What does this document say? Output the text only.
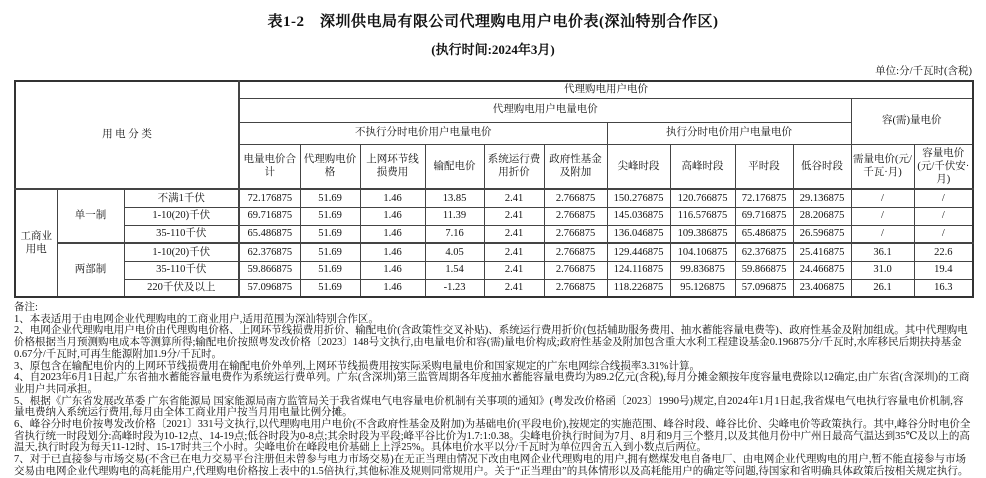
表1-2　深圳供电局有限公司代理购电用户电价表(深汕特别合作区)
(执行时间:2024年3月)
单位:分/千瓦时(含税)
用 电 分 类			代理购电用户电价											
			代理购电用户电量电价										容(需)量电价	
			不执行分时电价用户电量电价						执行分时电价用户电量电价					
			电量电价合计	代理购电价格	上网环节线损费用	输配电价	系统运行费用折价	政府性基金及附加	尖峰时段	高峰时段	平时段	低谷时段	需量电价(元/千瓦·月)	容量电价(元/千伏安·月)
工商业用电	单一制	不满1千伏	72.176875	51.69	1.46	13.85	2.41	2.766875	150.276875	120.766875	72.176875	29.136875	/	/
		1-10(20)千伏	69.716875	51.69	1.46	11.39	2.41	2.766875	145.036875	116.576875	69.716875	28.206875	/	/
		35-110千伏	65.486875	51.69	1.46	7.16	2.41	2.766875	136.046875	109.386875	65.486875	26.596875	/	/
	两部制	1-10(20)千伏	62.376875	51.69	1.46	4.05	2.41	2.766875	129.446875	104.106875	62.376875	25.416875	36.1	22.6
		35-110千伏	59.866875	51.69	1.46	1.54	2.41	2.766875	124.116875	99.836875	59.866875	24.466875	31.0	19.4
		220千伏及以上	57.096875	51.69	1.46	-1.23	2.41	2.766875	118.226875	95.126875	57.096875	23.406875	26.1	16.3
备注:
1、本表适用于由电网企业代理购电的工商业用户,适用范围为深汕特别合作区。
2、电网企业代理购电用户电价由代理购电价格、上网环节线损费用折价、输配电价(含政策性交叉补贴)、系统运行费用折价(包括辅助服务费用、抽水蓄能容量电费等)、政府性基金及附加组成。其中代理购电价格根据当月预测购电成本等测算所得;输配电价按照粤发改价格〔2023〕148号文执行,由电量电价和容(需)量电价构成;政府性基金及附加包含重大水利工程建设基金0.196875分/千瓦时,水库移民后期扶持基金0.67分/千瓦时,可再生能源附加1.9分/千瓦时。
3、原包含在输配电价内的上网环节线损费用在输配电价外单列,上网环节线损费用按实际采购电量电价和国家规定的广东电网综合线损率3.31%计算。
4、自2023年6月1日起,广东省抽水蓄能容量电费作为系统运行费单列。广东(含深圳)第三监管周期各年度抽水蓄能容量电费均为89.2亿元(含税),每月分摊金额按年度容量电费除以12确定,由广东省(含深圳)的工商业用户共同承担。
5、根据《广东省发展改革委 广东省能源局 国家能源局南方监管局关于我省煤电气电容量电价机制有关事项的通知》(粤发改价格函〔2023〕1990号)规定,自2024年1月1日起,我省煤电气电执行容量电价机制,容量电费纳入系统运行费用,每月由全体工商业用户按当月用电量比例分摊。
6、峰谷分时电价按粤发改价格〔2021〕331号文执行,以代理购电用户电价(不含政府性基金及附加)为基础电价(平段电价),按规定的实施范围、峰谷时段、峰谷比价、尖峰电价等政策执行。其中,峰谷分时电价全省执行统一时段划分:高峰时段为10-12点、14-19点;低谷时段为0-8点;其余时段为平段;峰平谷比价为1.7:1:0.38。尖峰电价执行时间为7月、8月和9月三个整月,以及其他月份中广州日最高气温达到35℃及以上的高温天,执行时段为每天11-12时、15-17时共三个小时。尖峰电价在峰段电价基础上上浮25%。具体电价水平以分/千瓦时为单位四舍五入到小数点后两位。
7、对于已直接参与市场交易(不含已在电力交易平台注册但未曾参与电力市场交易)在无正当理由情况下改由电网企业代理购电的用户,拥有燃煤发电自备电厂、由电网企业代理购电的用户,暂不能直接参与市场交易由电网企业代理购电的高耗能用户,代理购电价格按上表中的1.5倍执行,其他标准及规则同常规用户。关于“正当理由”的具体情形以及高耗能用户的确定等问题,待国家和省明确具体政策后按相关规定执行。
